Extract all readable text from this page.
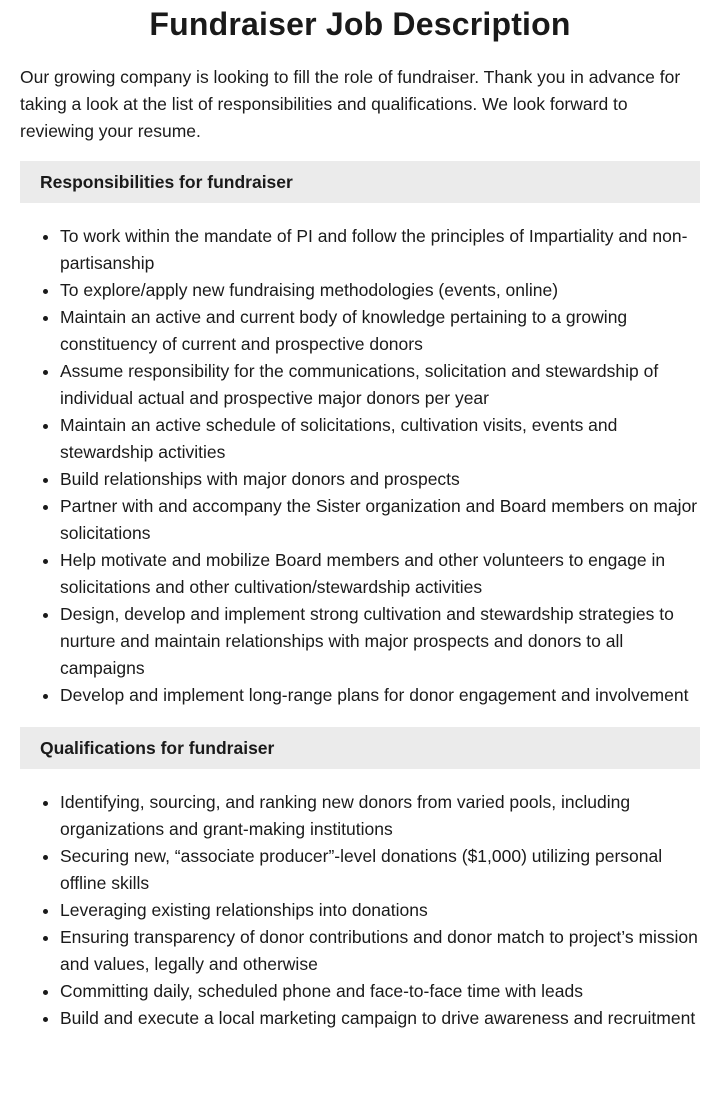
Fundraiser Job Description

Our growing company is looking to fill the role of fundraiser. Thank you in advance for taking a look at the list of responsibilities and qualifications. We look forward to reviewing your resume.

Responsibilities for fundraiser
• To work within the mandate of PI and follow the principles of Impartiality and non- partisanship
• To explore/apply new fundraising methodologies (events, online)
• Maintain an active and current body of knowledge pertaining to a growing constituency of current and prospective donors
• Assume responsibility for the communications, solicitation and stewardship of individual actual and prospective major donors per year
• Maintain an active schedule of solicitations, cultivation visits, events and stewardship activities
• Build relationships with major donors and prospects
• Partner with and accompany the Sister organization and Board members on major solicitations
• Help motivate and mobilize Board members and other volunteers to engage in solicitations and other cultivation/stewardship activities
• Design, develop and implement strong cultivation and stewardship strategies to nurture and maintain relationships with major prospects and donors to all campaigns
• Develop and implement long-range plans for donor engagement and involvement
Qualifications for fundraiser
• Identifying, sourcing, and ranking new donors from varied pools, including organizations and grant-making institutions
• Securing new, “associate producer”-level donations ($1,000) utilizing personal offline skills
• Leveraging existing relationships into donations
• Ensuring transparency of donor contributions and donor match to project’s mission and values, legally and otherwise
• Committing daily, scheduled phone and face-to-face time with leads
• Build and execute a local marketing campaign to drive awareness and recruitment
